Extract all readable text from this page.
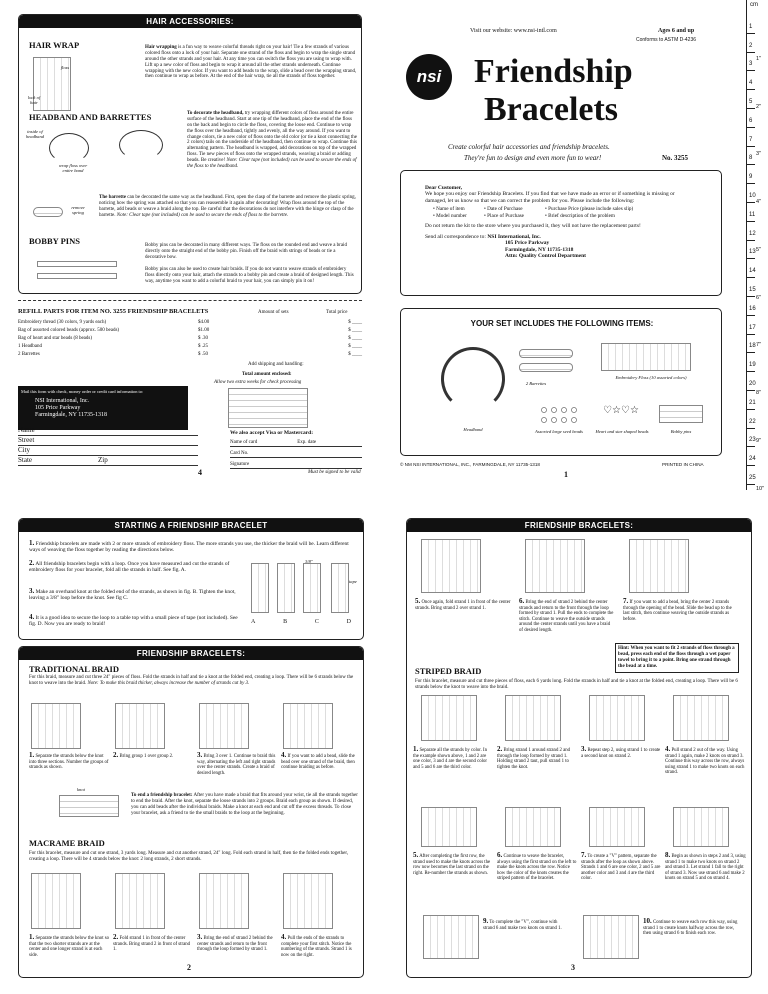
HAIR ACCESSORIES:
HAIR WRAP
floss
lock of hair
Hair wrapping is a fun way to weave colorful threads right on your hair! Tie a few strands of various colored floss onto a lock of your hair. Separate one strand of the floss and begin to wrap the single strand around the other strands and your hair. At any time you can switch the floss you are using to wrap with. Lift up a new color of floss and begin to wrap it around all the other strands underneath. Continue wrapping with the new color. If you want to add beads to the wrap, slide a bead over the wrapping strand, then continue to wrap as before. At the end of the hair wrap, tie all the strands of floss together.
HEADBAND AND BARRETTES
inside of headband
wrap floss over entire band
To decorate the headband, try wrapping different colors of floss around the entire surface of the headband. Start at one tip of the headband, place the end of the floss on the back and begin to circle the floss, covering the loose end. Continue to wrap the floss over the headband, tightly and evenly, all the way around. If you want to change colors, tie a new color of floss onto the old color (or tie a knot connecting the 2 colors) tails on the underside of the headband, then continue to wrap. Continue this alternating pattern. The headband is wrapped, add decorations on top of the wrapped floss. Tie new pieces of floss onto the wrapped strands, weaving a braid or adding beads. Be creative! Note: Clear tape (not included) can be used to secure the ends of the floss to the headband.
remove spring
The barrette can be decorated the same way as the headband. First, open the clasp of the barrette and remove the plastic spring, noticing how the spring was attached so that you can reassemble it again after decorating! Wrap floss around the top of the barrette, add beads or weave a braid along the top. Be careful that the decorations do not interfere with the hinge or clasp of the barrette. Note: Clear tape (not included) can be used to secure the ends of floss to the barrette.
BOBBY PINS	Bobby pins can be decorated in many different ways. Tie floss on the rounded end and weave a braid directly onto the straight end of the bobby pin. Finish off the braid with strings of beads or tie a decorative bow.
Bobby pins can also be used to create hair braids. If you do not want to weave strands of embroidery floss directly onto your hair, attach the strands to a bobby pin and create a braid of designed length. This way, anytime you want to add a colorful braid to your hair, you can simply pin it on!
REFILL PARTS FOR ITEM NO. 3255 FRIENDSHIP BRACELETS	Amount of sets	Total price
Embroidery thread (30 colors, 9 yards each)	$4.00	$ ____
Bag of assorted colored beads (approx. 500 beads)	$1.00	$ ____
Bag of heart and star beads (8 beads)	$ .30	$ ____
1 Headband	$ .25	$ ____
2 Barrettes	$ .50	$ ____
Add shipping and handling:
Total amount enclosed:
Allow two extra weeks for check processing
Mail this form with check, money order or credit card information to:
NSI International, Inc.
105 Price Parkway
Farmingdale, NY 11735-1318
Name
Street
City
State	Zip
We also accept Visa or Mastercard:
Name of card	Exp. date
Card No.
Signature
Must be signed to be valid
4
Visit our website: www.nsi-intl.com	Ages 6 and up
Conforms to ASTM D-4236
nsi Friendship
Bracelets
Create colorful hair accessories and friendship bracelets.
They're fun to design and even more fun to wear!	No. 3255
Dear Customer,
We hope you enjoy our Friendship Bracelets. If you find that we have made an error or if something is missing or damaged, let us know so that we can correct the problem for you. Please include the following:
• Name of item	• Date of Purchase	• Purchase Price (please include sales slip)
• Model number	• Place of Purchase	• Brief description of the problem
Do not return the kit to the store where you purchased it, they will not have the replacement parts!
Send all correspondence to: NSI International, Inc.
105 Price Parkway
Farmingdale, NY 11735-1318
Attn: Quality Control Department
YOUR SET INCLUDES THE FOLLOWING ITEMS:
Headband
2 Barrettes
Embroidery Floss (10 assorted colors)
Assorted large seed beads
♡☆♡☆
Heart and star shaped beads	Bobby pins
© NM NSI INTERNATIONAL, INC., FARMINGDALE, NY 11735-1318	PRINTED IN CHINA
1
cm
1
2
3
4
5
6
7
8
9
10
11
12
13
14
15
16
17
18
19
20
21
22
23
24
25
1"
2"
3"
4"
5"
6"
7"
8"
9"
10"
STARTING A FRIENDSHIP BRACELET
1. Friendship bracelets are made with 2 or more strands of embroidery floss. The more strands you use, the thicker the braid will be. Learn different ways of weaving the floss together by reading the directions below.
2. All friendship bracelets begin with a loop. Once you have measured and cut the strands of embroidery floss for your bracelet, fold all the strands in half. See fig. A.
3. Make an overhand knot at the folded end of the strands, as shown in fig. B. Tighten the knot, leaving a 3/8" loop before the knot. See fig C.
4. It is a good idea to secure the loop to a table top with a small piece of tape (not included). See fig. D. Now you are ready to braid!
3/8"
tape
A	B	C	D
FRIENDSHIP BRACELETS:
TRADITIONAL BRAID
For this braid, measure and cut three 24" pieces of floss. Fold the strands in half and tie a knot at the folded end, creating a loop. There will be 6 strands below the knot to weave into the braid. Note: To make this braid thicker, always increase the number of strands cut by 3.
1. Separate the strands below the knot into three sections. Number the groups of strands as shown.
2. Bring group 1 over group 2.	3. Bring 3 over 1. Continue to braid this way, alternating the left and right strands over the center strands. Create a braid of desired length.
4. If you want to add a bead, slide the bead over one strand of the braid, then continue braiding as before.
knot
To end a friendship bracelet: After you have made a braid that fits around your wrist, tie all the strands together to end the braid. After the knot, separate the loose strands into 2 groups. Braid each group as shown. If desired, you can add beads after the individual braids. Make a knot at each end and cut off the excess threads. To close your bracelet, ask a friend to tie the small braids to the loop at the beginning.
MACRAME BRAID
For this bracelet, measure and cut one strand, 3 yards long. Measure and cut another strand, 24" long. Fold each strand in half, then tie the folded ends together, creating a loop. There will be 4 strands below the knot: 2 long strands, 2 short strands.
1. Separate the strands below the knot so that the two shorter strands are at the center and one longer strand is at each side.
2. Fold strand 1 in front of the center strands. Bring strand 2 in front of strand 1.
3. Bring the end of strand 2 behind the center strands and return to the front through the loop formed by strand 1.
4. Pull the ends of the strands to complete your first stitch. Notice the numbering of the strands. Strand 1 is now on the right.
2
FRIENDSHIP BRACELETS:
5. Once again, fold strand 1 in front of the center strands. Bring strand 2 over strand 1.
6. Bring the end of strand 2 behind the center strands and return to the front through the loop formed by strand 1. Pull the ends to complete the stitch. Continue to weave the outside strands around the center strands until you have a braid of desired length.
7. If you want to add a bead, bring the center 2 strands through the opening of the bead. Slide the bead up to the last stitch, then continue weaving the outside strands as before.
Hint: When you want to fit 2 strands of floss through a bead, press each end of the floss through a wet paper towel to bring it to a point. Bring one strand through the bead at a time.
STRIPED BRAID
For this bracelet, measure and cut three pieces of floss, each 6 yards long. Fold the strands in half and tie a knot at the folded end, creating a loop. There will be 6 strands below the knot to weave into the braid.
1. Separate all the strands by color. In the example shown above, 1 and 2 are one color, 3 and 4 are the second color and 5 and 6 are the third color.
2. Bring strand 1 around strand 2 and through the loop formed by strand 1. Holding strand 2 taut, pull strand 1 to tighten the knot.
3. Repeat step 2, using strand 1 to create a second knot on strand 2.
4. Pull strand 2 out of the way. Using strand 1 again, make 2 knots on strand 3. Continue this way across the row, always using strand 1 to make two knots on each strand.
5. After completing the first row, the strand used to make the knots across the row now becomes the last strand on the right. Re-number the strands as shown.
6. Continue to weave the bracelet, always using the first strand on the left to make the knots across the row. Notice how the color of the knots creates the striped pattern of the bracelet.
7. To create a "V" pattern, separate the strands after the loop as shown above. Strands 1 and 6 are one color, 2 and 5 are another color and 3 and 4 are the third color.
8. Begin as shown in steps 2 and 3, using strand 1 to make two knots on strand 2 and strand 3. Let strand 1 fall to the right of strand 3. Now use strand 6 and make 2 knots on strand 5 and on strand 4.
9. To complete the "V", continue with strand 6 and make two knots on strand 1.
10. Continue to weave each row this way, using strand 1 to create knots halfway across the row, then using strand 6 to finish each row.
3
